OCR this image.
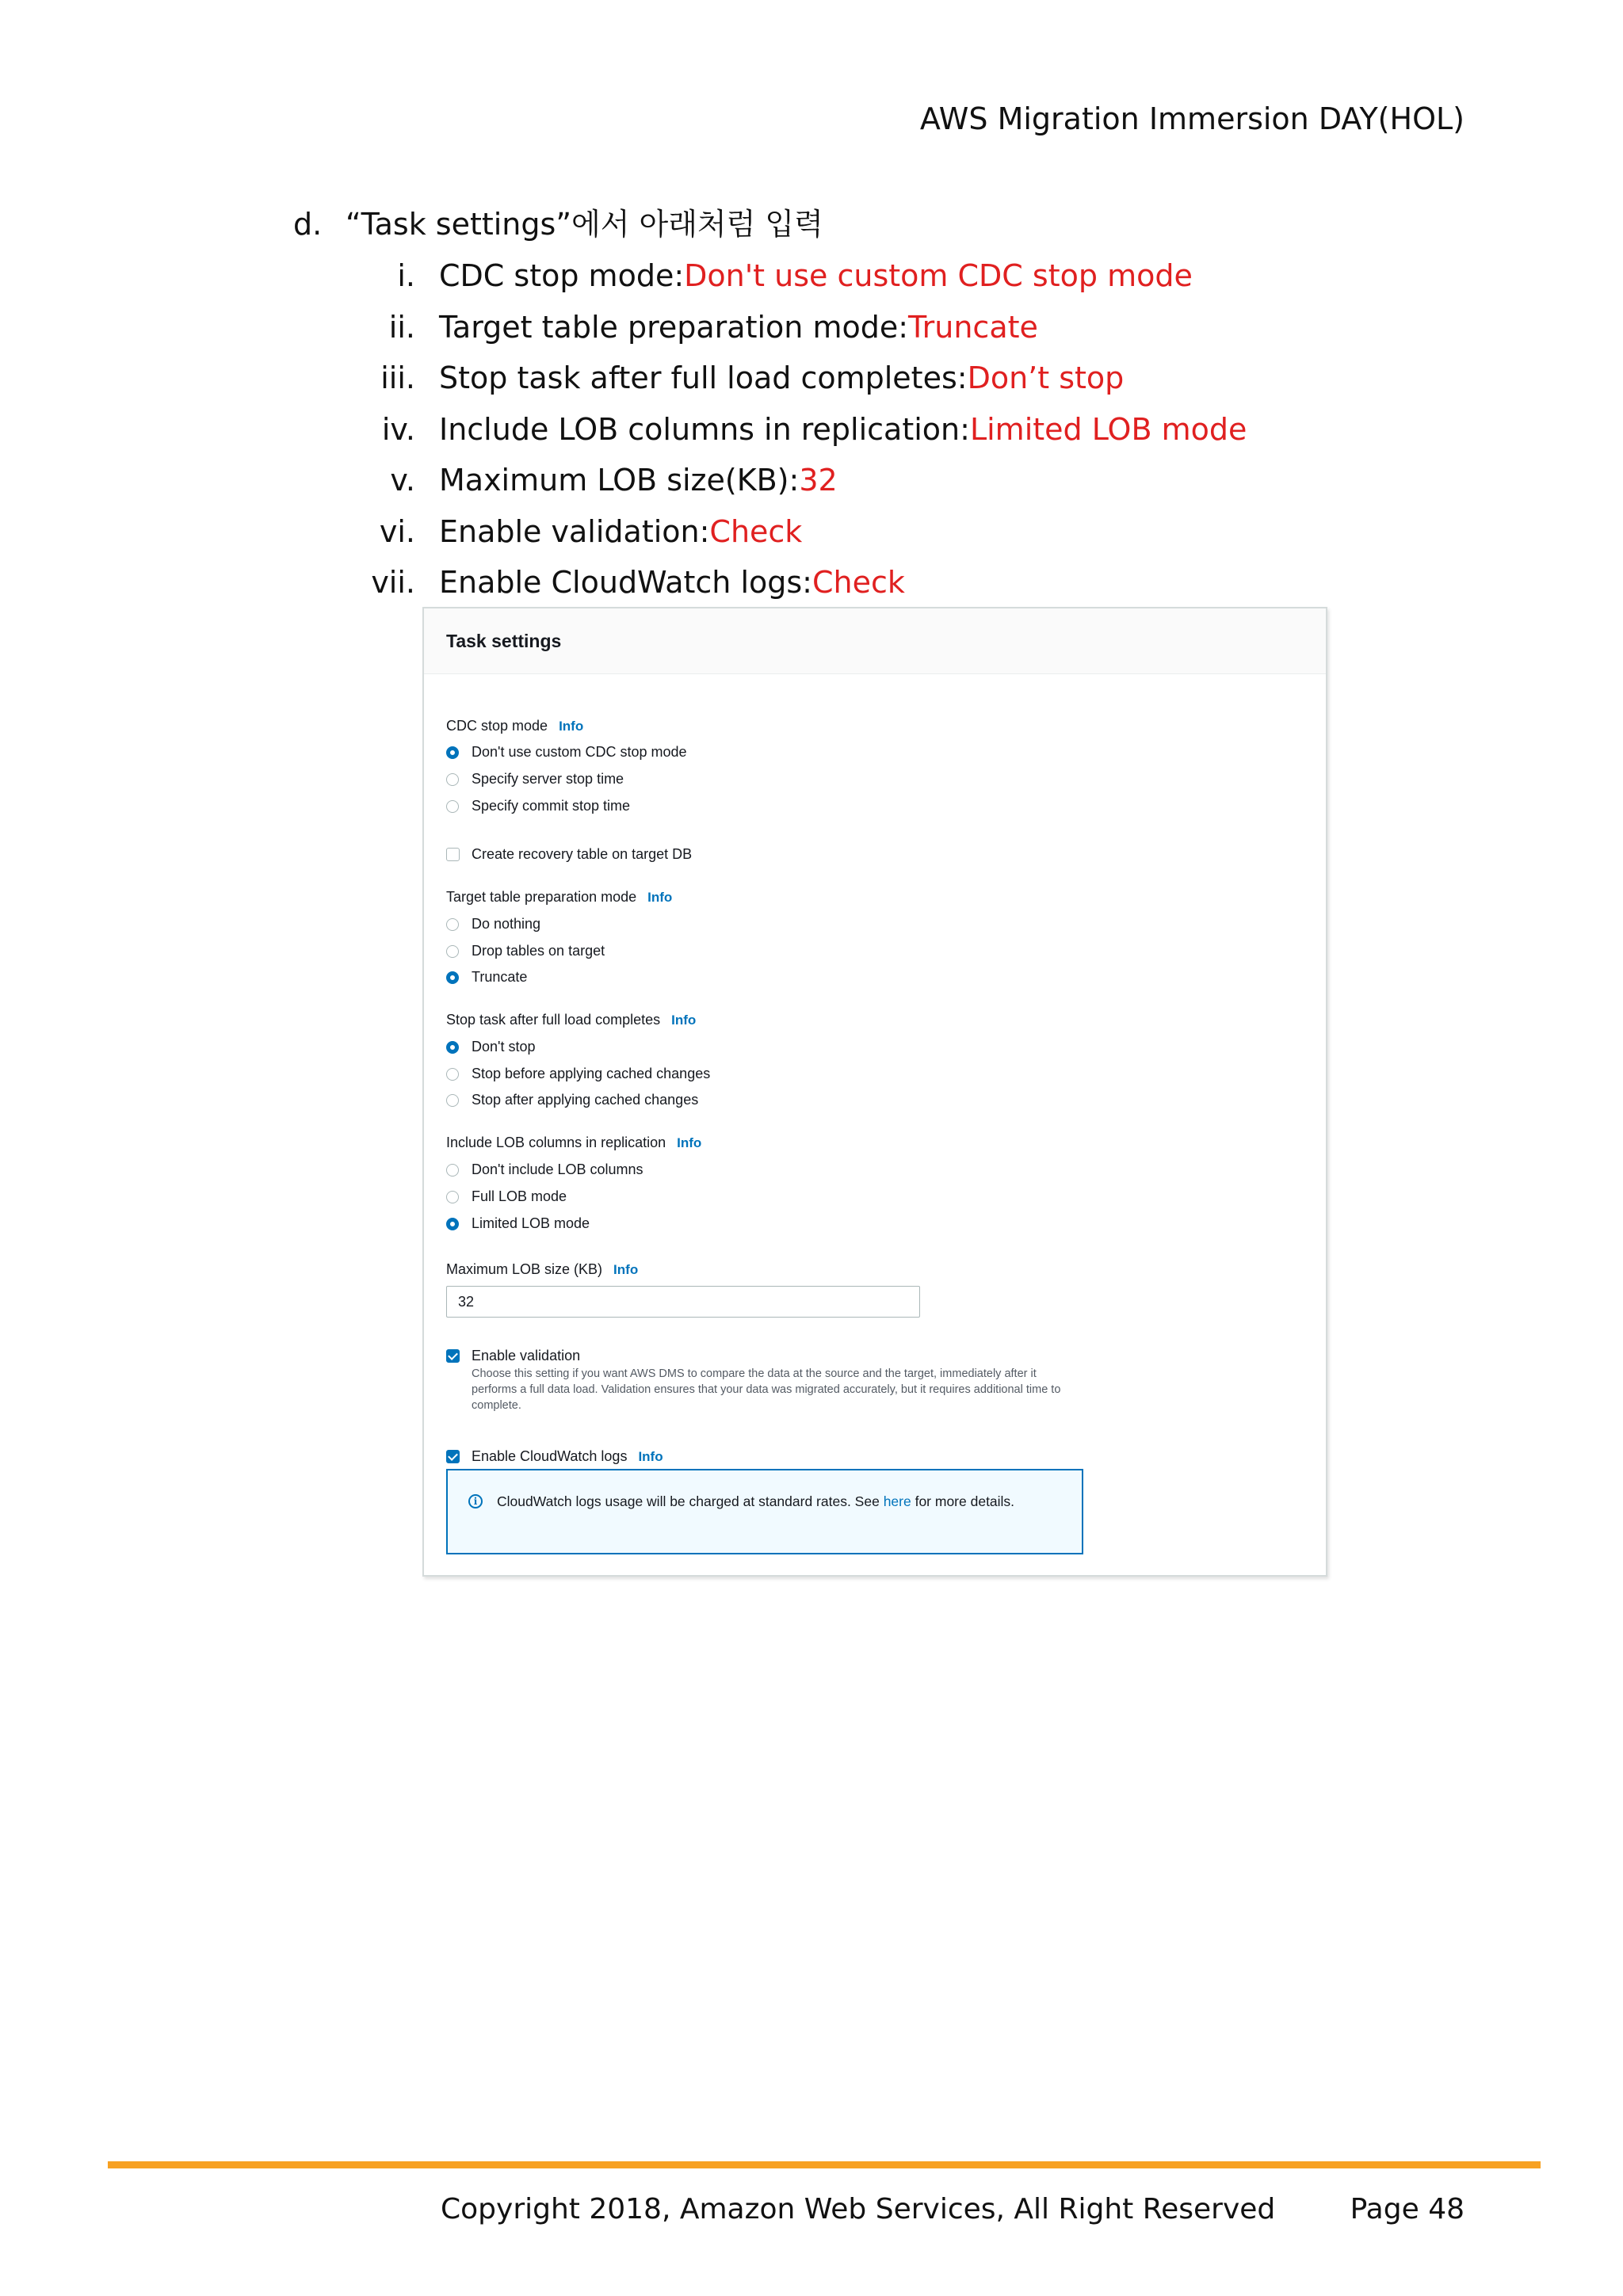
AWS Migration Immersion DAY(HOL)
d. “Task settings”에서 아래처럼 입력
i. CDC stop mode : Don't use custom CDC stop mode
ii. Target table preparation mode : Truncate
iii. Stop task after full load completes : Don’t stop
iv. Include LOB columns in replication : Limited LOB mode
v. Maximum LOB size(KB) : 32
vi. Enable validation : Check
vii. Enable CloudWatch logs : Check
Task settings
CDC stop mode Info
Don't use custom CDC stop mode
Specify server stop time
Specify commit stop time
Create recovery table on target DB
Target table preparation mode Info
Do nothing
Drop tables on target
Truncate
Stop task after full load completes Info
Don't stop
Stop before applying cached changes
Stop after applying cached changes
Include LOB columns in replication Info
Don't include LOB columns
Full LOB mode
Limited LOB mode
Maximum LOB size (KB) Info
32
Enable validation
Choose this setting if you want AWS DMS to compare the data at the source and the target, immediately after it performs a full data load. Validation ensures that your data was migrated accurately, but it requires additional time to complete.
Enable CloudWatch logs Info
i	CloudWatch logs usage will be charged at standard rates. See here for more details.
Copyright 2018, Amazon Web Services, All Right Reserved	Page 48
